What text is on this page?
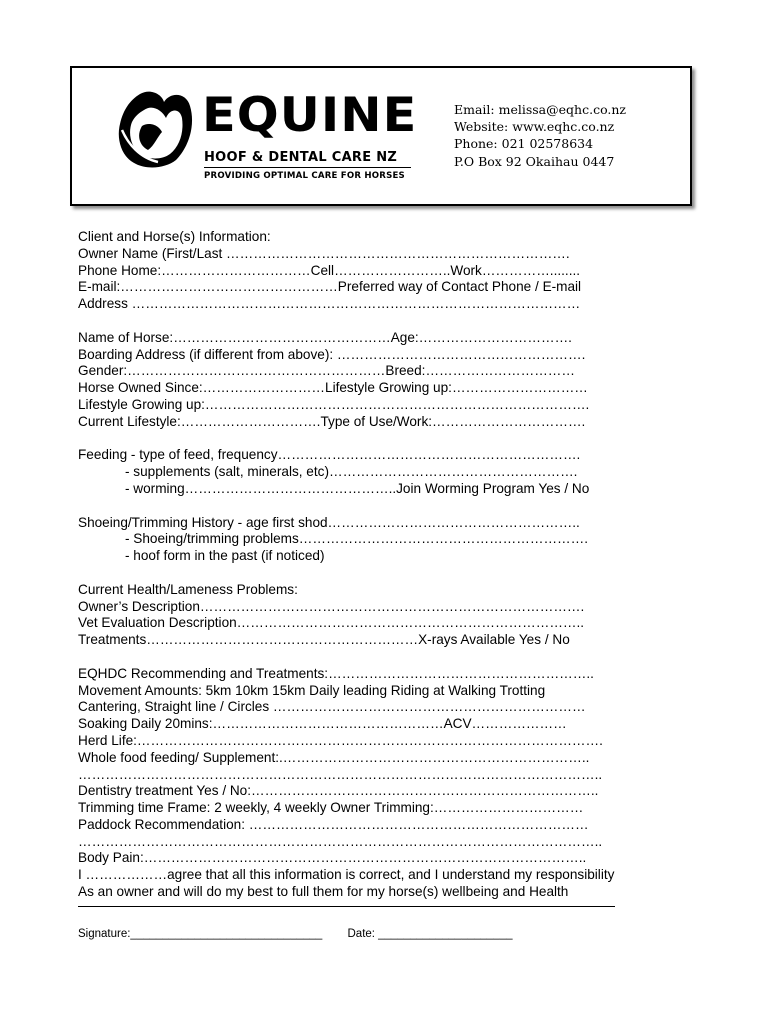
EQUINE
HOOF & DENTAL CARE NZ
PROVIDING OPTIMAL CARE FOR HORSES
Email: melissa@eqhc.co.nz
Website: www.eqhc.co.nz
Phone: 021 02578634
P.O Box 92 Okaihau 0447
Client and Horse(s) Information:
Owner Name (First/Last ………………………………………………………………….
Phone Home:……………………………Cell……………………..Work……………........
E-mail:…………………………………………Preferred way of Contact Phone / E-mail
Address ………………………………………………………………………………………
Name of Horse:…………………………………………Age:…………………………….
Boarding Address (if different from above): ……………………………………………….
Gender:…………………………………………………Breed:……………………………
Horse Owned Since:………………………Lifestyle Growing up:…………………………
Lifestyle Growing up:………………………………………………………………………….
Current Lifestyle:………………………….Type of Use/Work:…………………………….
Feeding - type of feed, frequency………………………………………………………….
- supplements (salt, minerals, etc)……………………………………………….
- worming………………………………………..Join Worming Program Yes / No
Shoeing/Trimming History - age first shod………………………………………………..
- Shoeing/trimming problems……………………………………………………….
- hoof form in the past (if noticed)
Current Health/Lameness Problems:
Owner’s Description………………………………………………………………………….
Vet Evaluation Description…………………………………………………………………..
Treatments……………………………………………………X-rays Available Yes / No
EQHDC Recommending and Treatments:…………………………………………………..
Movement Amounts: 5km 10km 15km Daily leading Riding at Walking Trotting
Cantering, Straight line / Circles ……………………………………………………………
Soaking Daily 20mins:……………………………………………ACV…………………
Herd Life:………………………………………………………………………………………….
Whole food feeding/ Supplement:.…………………………………………………………..
……………………………………………………………………………………………………..
Dentistry treatment Yes / No:…………………………………………………………………..
Trimming time Frame: 2 weekly, 4 weekly Owner Trimming:……………………………
Paddock Recommendation: …………………………………………………………………
……………………………………………………………………………………………………..
Body Pain:……………………………………………………………………………………..
I ………………agree that all this information is correct, and I understand my responsibility
As an owner and will do my best to full them for my horse(s) wellbeing and Health
Signature:______________________________ Date: _____________________
